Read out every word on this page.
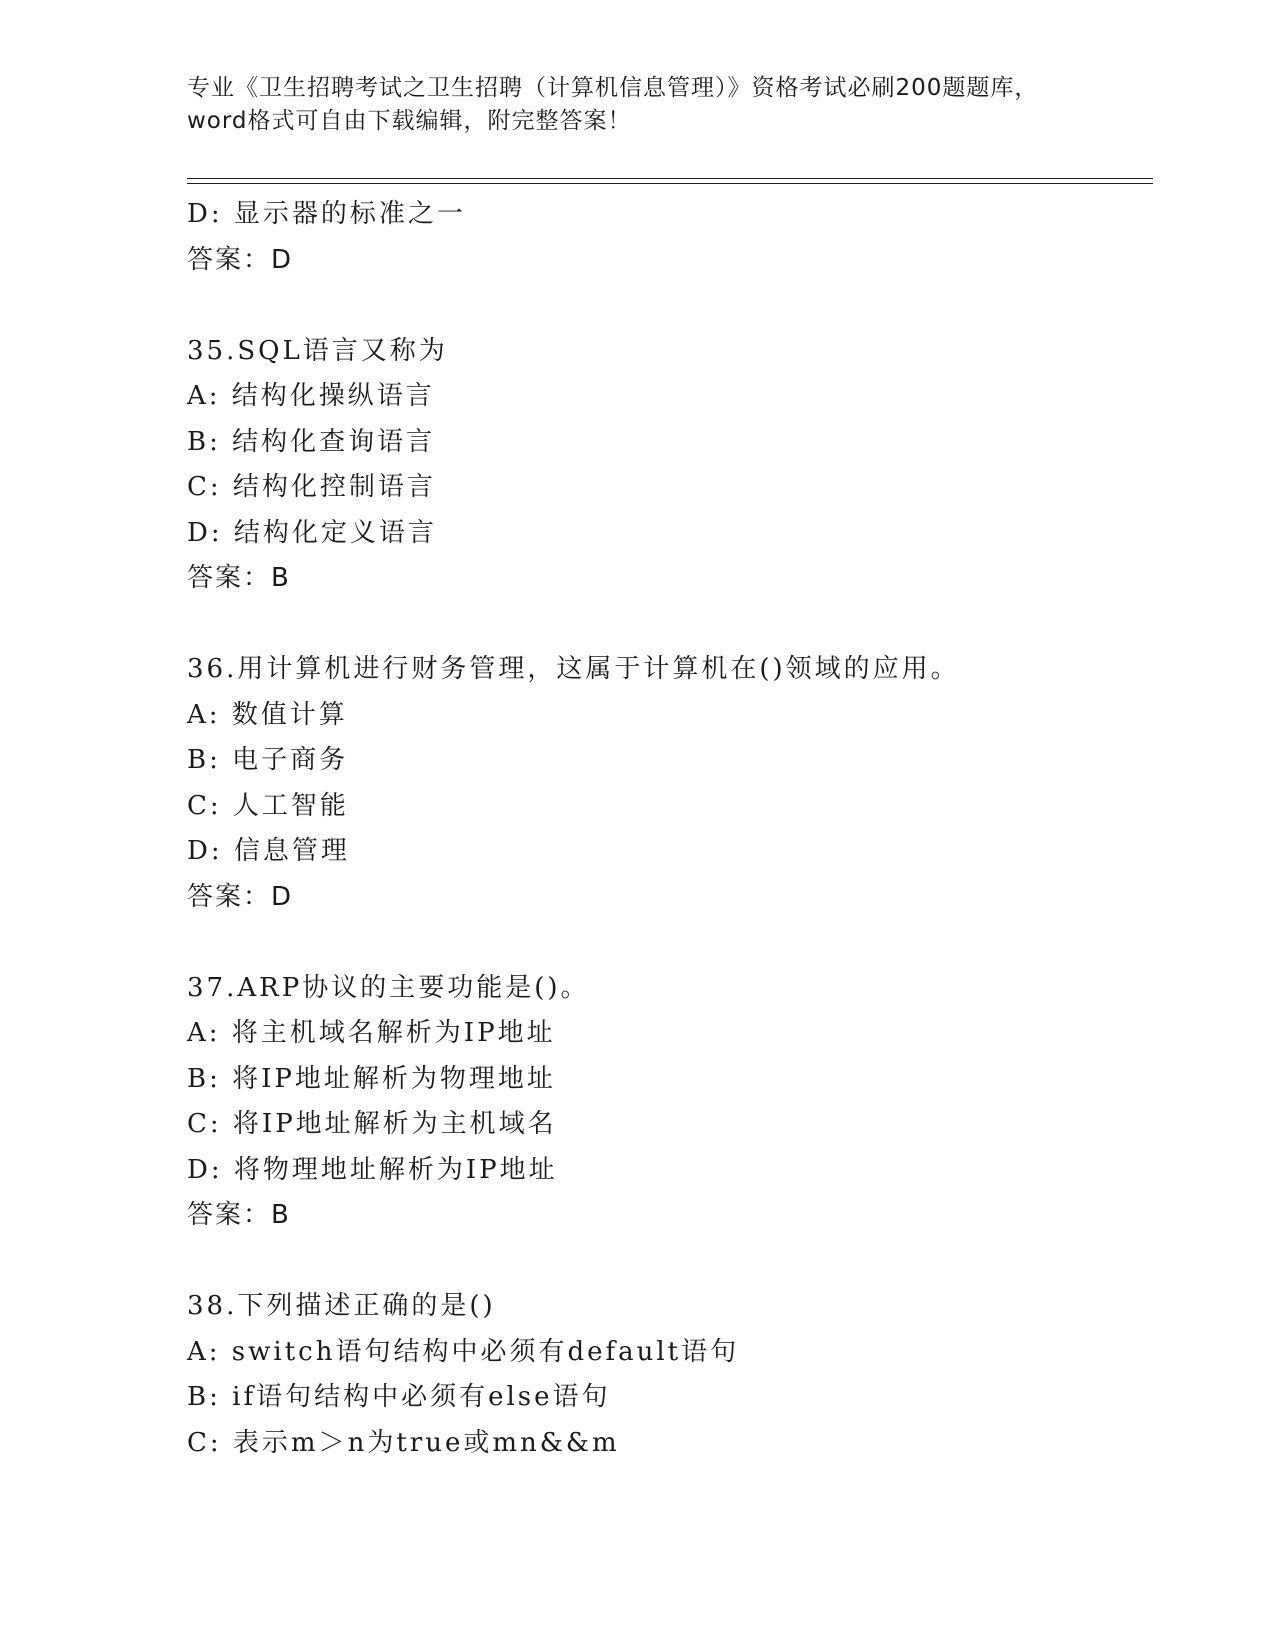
专业《卫生招聘考试之卫生招聘（计算机信息管理）》资格考试必刷200题题库，
word格式可自由下载编辑，附完整答案！
D: 显示器的标准之一
答案：D
35.SQL语言又称为
A: 结构化操纵语言
B: 结构化查询语言
C: 结构化控制语言
D: 结构化定义语言
答案：B
36.用计算机进行财务管理，这属于计算机在()领域的应用。
A: 数值计算
B: 电子商务
C: 人工智能
D: 信息管理
答案：D
37.ARP协议的主要功能是()。
A: 将主机域名解析为IP地址
B: 将IP地址解析为物理地址
C: 将IP地址解析为主机域名
D: 将物理地址解析为IP地址
答案：B
38.下列描述正确的是()
A: switch语句结构中必须有default语句
B: if语句结构中必须有else语句
C: 表示m＞n为true或mn&&m
